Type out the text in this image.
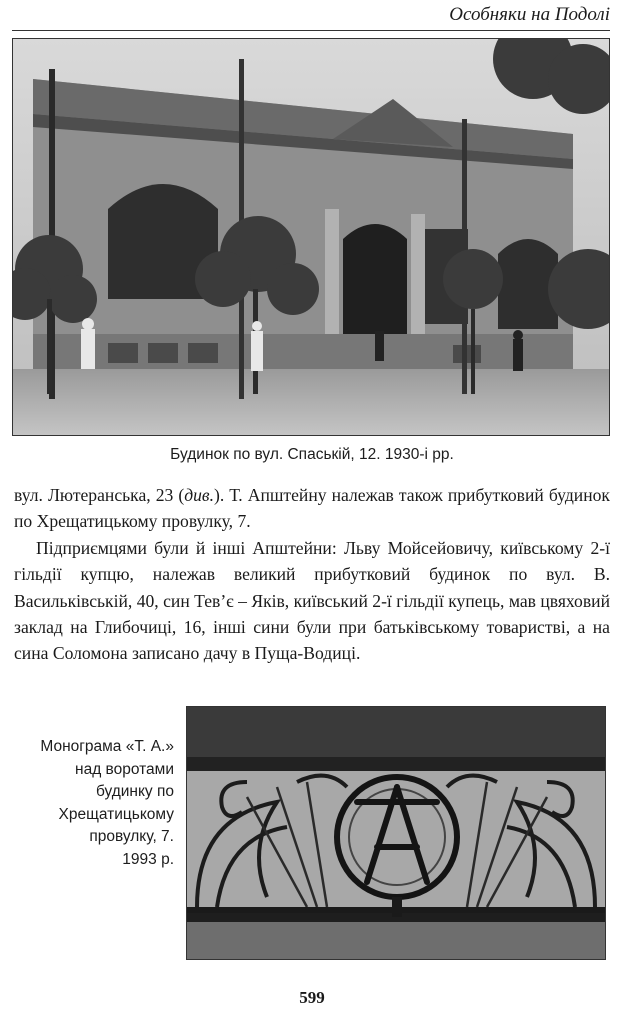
Особняки на Подолі
Будинок по вул. Спаській, 12. 1930-і рр.

вул. Лютеранська, 23 (див.). Т. Апштейну належав також прибутковий будинок по Хрещатицькому провулку, 7.

Підприємцями були й інші Апштейни: Льву Мойсейовичу, київському 2-ї гільдії купцю, належав великий прибутковий будинок по вул. В. Васильківській, 40, син Тев’є – Яків, київський 2-ї гільдії купець, мав цвяховий заклад на Глибочиці, 16, інші сини були при батьківському товаристві, а на сина Соломона записано дачу в Пуща-Водиці.

Монограма «Т. А.»
над воротами
будинку по
Хрещатицькому
провулку, 7.
1993 р.
599
